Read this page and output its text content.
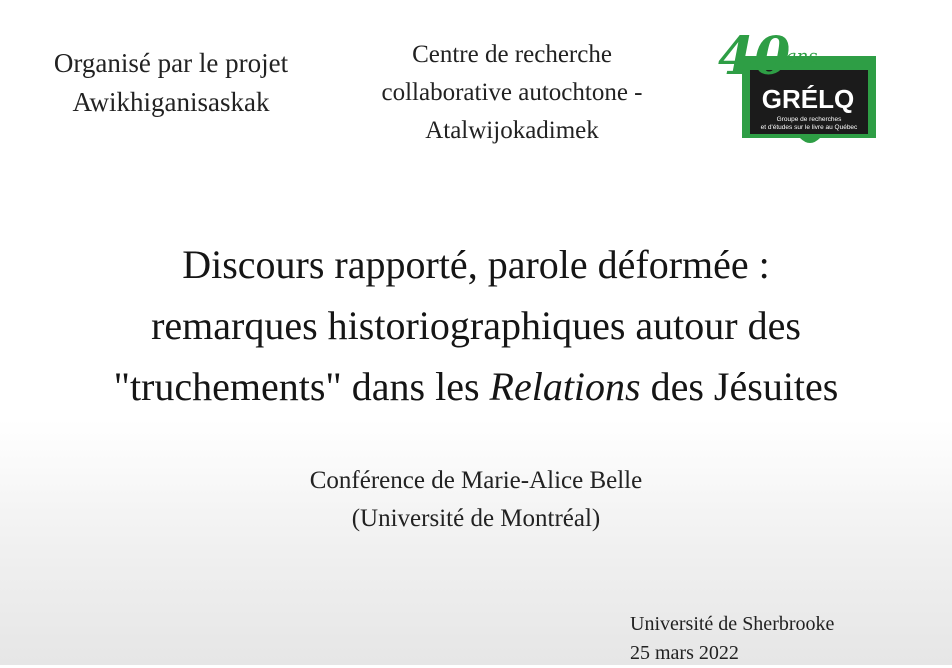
Organisé par le projet
Awikhiganisaskak
Centre de recherche
collaborative autochtone -
Atalwijokadimek
40
ans
GRÉLQ
Groupe de recherches
et d'études sur le livre au Québec
Discours rapporté, parole déformée :
remarques historiographiques autour des
"truchements" dans les Relations des Jésuites
Conférence de Marie-Alice Belle
(Université de Montréal)
Université de Sherbrooke
25 mars 2022
